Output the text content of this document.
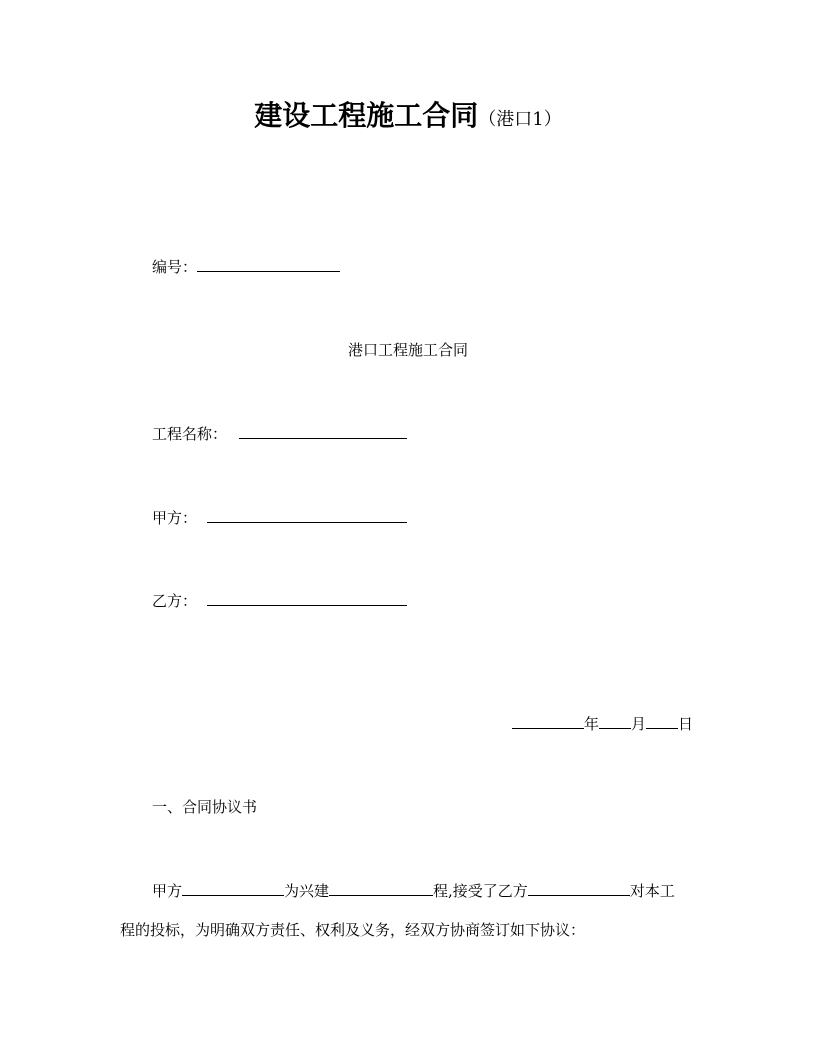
建设工程施工合同（港口1）
编号：
港口工程施工合同
工程名称：
甲方：
乙方：
年 月 日
一、合同协议书
甲方	为兴建	程,接受了乙方	对本工
程的投标，为明确双方责任、权利及义务，经双方协商签订如下协议：
